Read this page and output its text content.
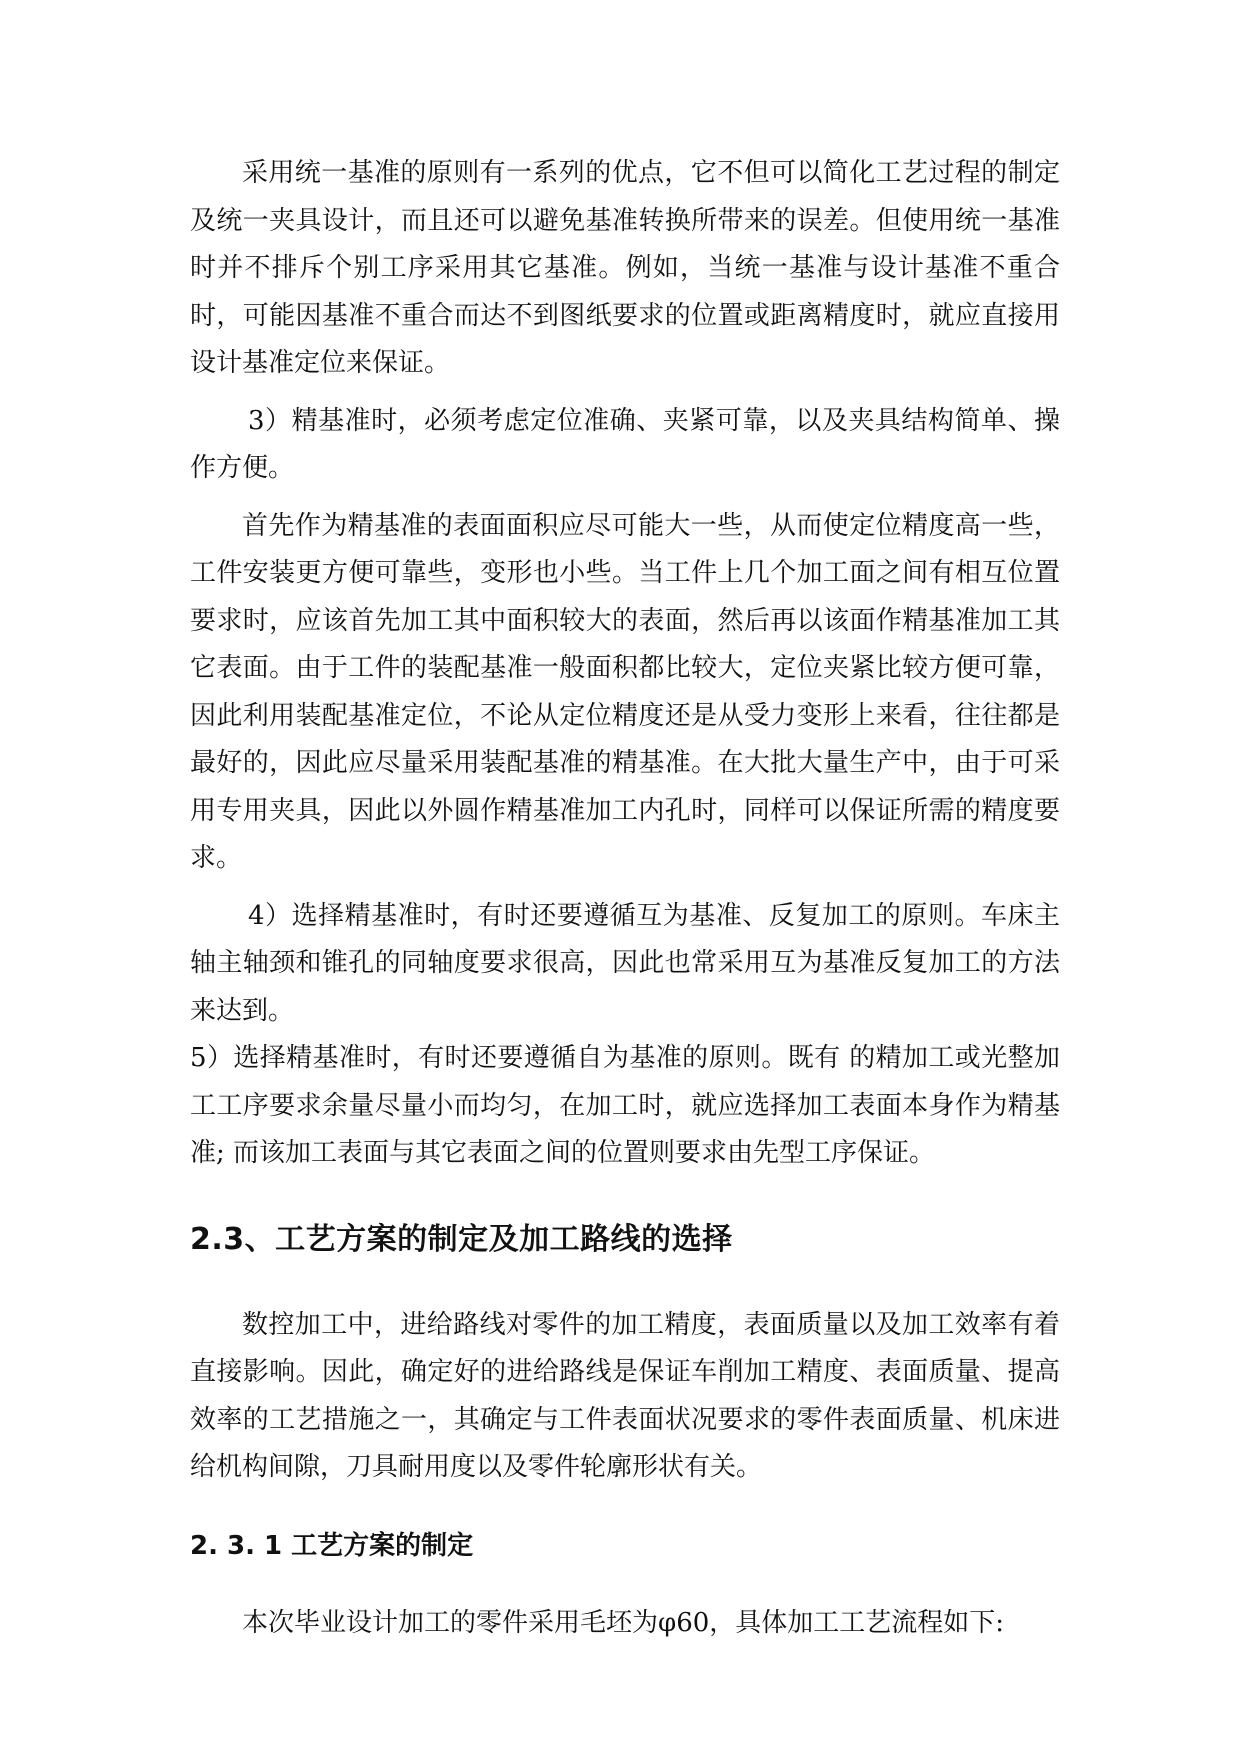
采用统一基准的原则有一系列的优点，它不但可以简化工艺过程的制定及统一夹具设计，而且还可以避免基准转换所带来的误差。但使用统一基准时并不排斥个别工序采用其它基准。例如，当统一基准与设计基准不重合时，可能因基准不重合而达不到图纸要求的位置或距离精度时，就应直接用设计基准定位来保证。

3）精基准时，必须考虑定位准确、夹紧可靠，以及夹具结构简单、操作方便。

首先作为精基准的表面面积应尽可能大一些，从而使定位精度高一些，工件安装更方便可靠些，变形也小些。当工件上几个加工面之间有相互位置要求时，应该首先加工其中面积较大的表面，然后再以该面作精基准加工其它表面。由于工件的装配基准一般面积都比较大，定位夹紧比较方便可靠，因此利用装配基准定位，不论从定位精度还是从受力变形上来看，往往都是最好的，因此应尽量采用装配基准的精基准。在大批大量生产中，由于可采用专用夹具，因此以外圆作精基准加工内孔时，同样可以保证所需的精度要求。

4）选择精基准时，有时还要遵循互为基准、反复加工的原则。车床主轴主轴颈和锥孔的同轴度要求很高，因此也常采用互为基准反复加工的方法来达到。

5）选择精基准时，有时还要遵循自为基准的原则。既有 的精加工或光整加工工序要求余量尽量小而均匀，在加工时，就应选择加工表面本身作为精基准; 而该加工表面与其它表面之间的位置则要求由先型工序保证。

2.3、工艺方案的制定及加工路线的选择

数控加工中，进给路线对零件的加工精度，表面质量以及加工效率有着直接影响。因此，确定好的进给路线是保证车削加工精度、表面质量、提高效率的工艺措施之一，其确定与工件表面状况要求的零件表面质量、机床进给机构间隙，刀具耐用度以及零件轮廓形状有关。

2. 3. 1 工艺方案的制定

本次毕业设计加工的零件采用毛坯为φ60，具体加工工艺流程如下:
